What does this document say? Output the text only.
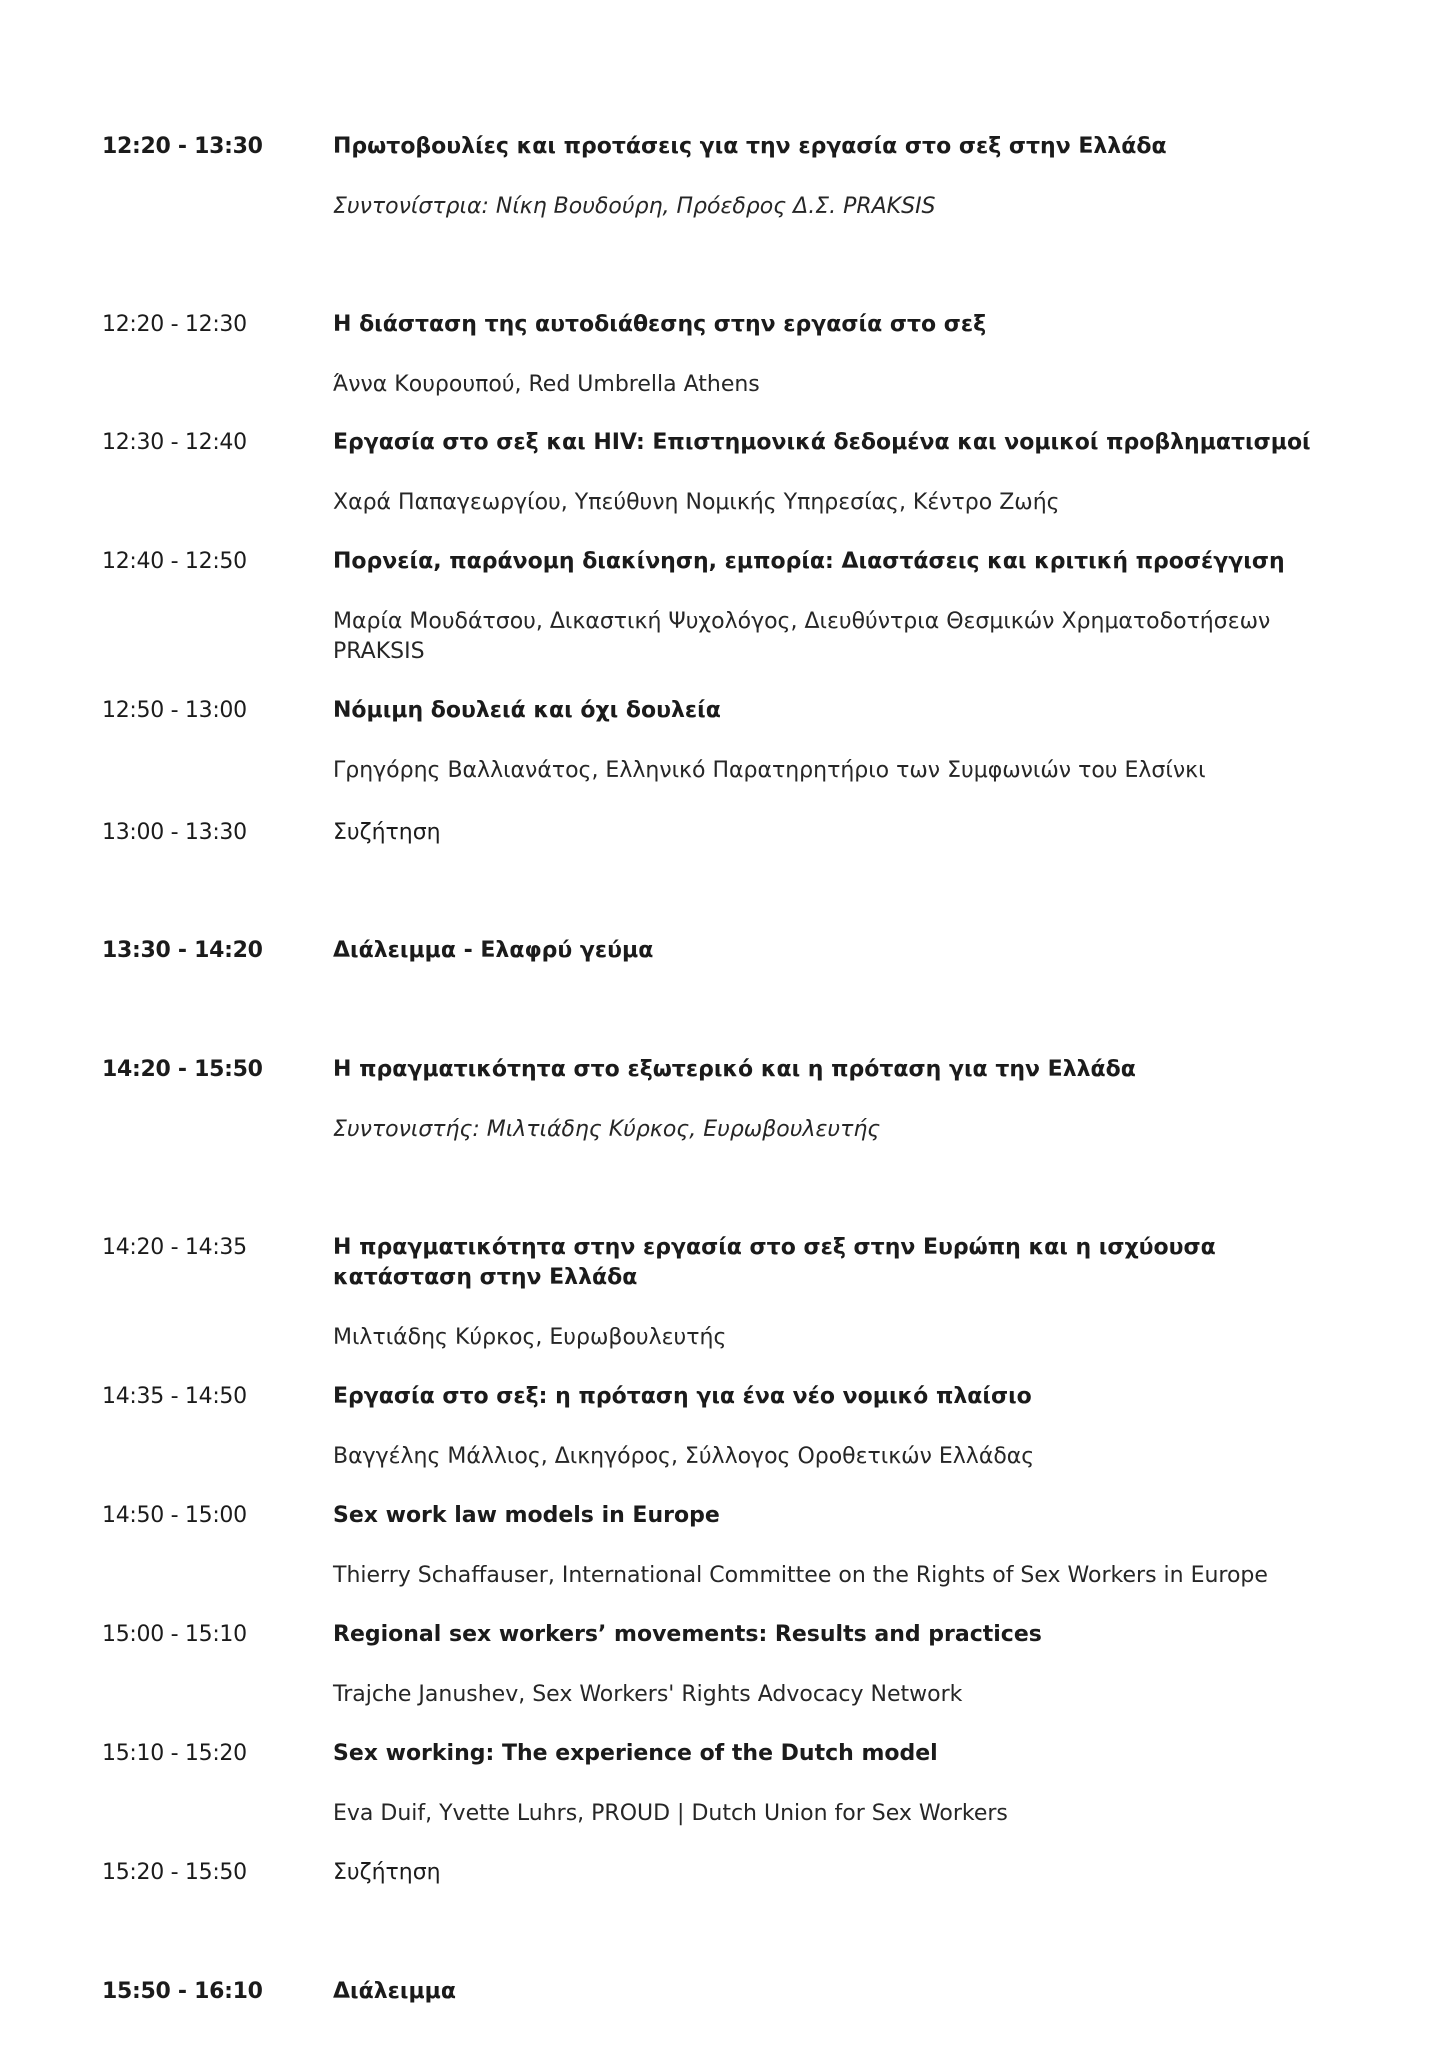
12:20 - 13:30	Πρωτοβουλίες και προτάσεις για την εργασία στο σεξ στην Ελλάδα
Συντονίστρια: Νίκη Βουδούρη, Πρόεδρος Δ.Σ. PRAKSIS
12:20 - 12:30	Η διάσταση της αυτοδιάθεσης στην εργασία στο σεξ
Άννα Κουρουπού, Red Umbrella Athens
12:30 - 12:40	Εργασία στο σεξ και HIV: Επιστημονικά δεδομένα και νομικοί προβληματισμοί
Χαρά Παπαγεωργίου, Υπεύθυνη Νομικής Υπηρεσίας, Κέντρο Ζωής
12:40 - 12:50	Πορνεία, παράνομη διακίνηση, εμπορία: Διαστάσεις και κριτική προσέγγιση
Μαρία Μουδάτσου, Δικαστική Ψυχολόγος, Διευθύντρια Θεσμικών Χρηματοδοτήσεων PRAKSIS
12:50 - 13:00	Νόμιμη δουλειά και όχι δουλεία
Γρηγόρης Βαλλιανάτος, Ελληνικό Παρατηρητήριο των Συμφωνιών του Ελσίνκι
13:00 - 13:30	Συζήτηση
13:30 - 14:20	Διάλειμμα - Ελαφρύ γεύμα
14:20 - 15:50	Η πραγματικότητα στο εξωτερικό και η πρόταση για την Ελλάδα
Συντονιστής: Μιλτιάδης Κύρκος, Ευρωβουλευτής
14:20 - 14:35	Η πραγματικότητα στην εργασία στο σεξ στην Ευρώπη και η ισχύουσα κατάσταση στην Ελλάδα
Μιλτιάδης Κύρκος, Ευρωβουλευτής
14:35 - 14:50	Εργασία στο σεξ: η πρόταση για ένα νέο νομικό πλαίσιο
Βαγγέλης Μάλλιος, Δικηγόρος, Σύλλογος Οροθετικών Ελλάδας
14:50 - 15:00	Sex work law models in Europe
Thierry Schaffauser, International Committee on the Rights of Sex Workers in Europe
15:00 - 15:10	Regional sex workers’ movements: Results and practices
Trajche Janushev, Sex Workers' Rights Advocacy Network
15:10 - 15:20	Sex working: The experience of the Dutch model
Eva Duif, Yvette Luhrs, PROUD | Dutch Union for Sex Workers
15:20 - 15:50	Συζήτηση
15:50 - 16:10	Διάλειμμα
